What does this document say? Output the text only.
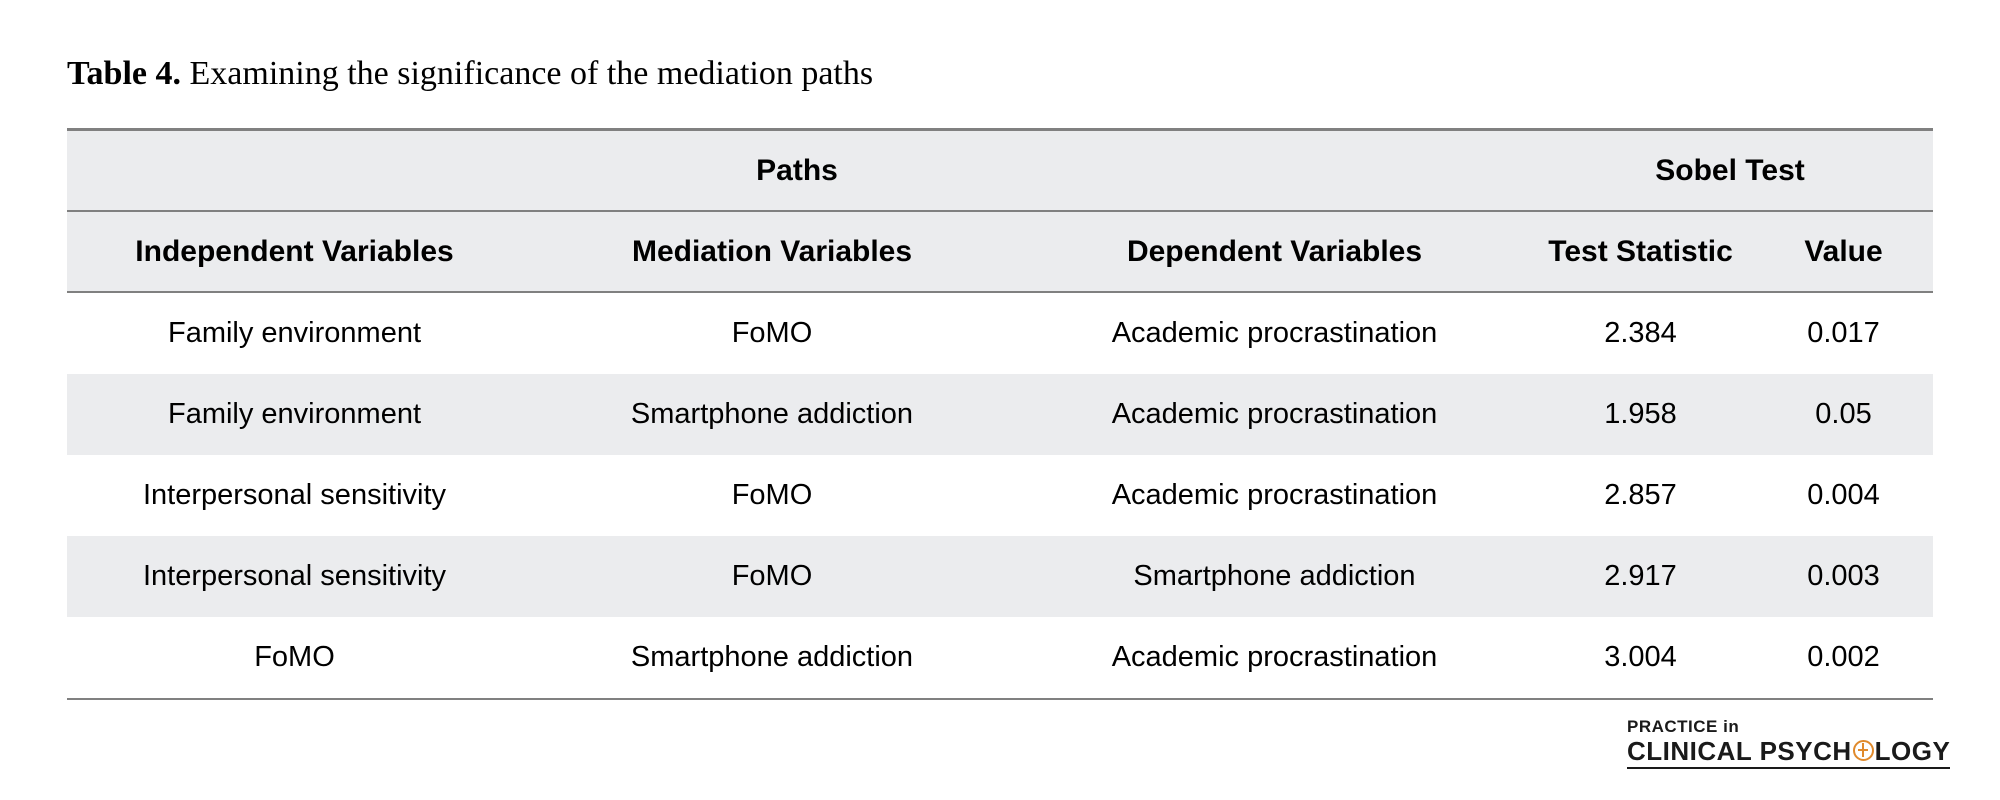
Table 4. Examining the significance of the mediation paths
Paths			Sobel Test	
Independent Variables	Mediation Variables	Dependent Variables	Test Statistic	Value
Family environment	FoMO	Academic procrastination	2.384	0.017
Family environment	Smartphone addiction	Academic procrastination	1.958	0.05
Interpersonal sensitivity	FoMO	Academic procrastination	2.857	0.004
Interpersonal sensitivity	FoMO	Smartphone addiction	2.917	0.003
FoMO	Smartphone addiction	Academic procrastination	3.004	0.002
PRACTICE in
CLINICAL PSYCH LOGY
